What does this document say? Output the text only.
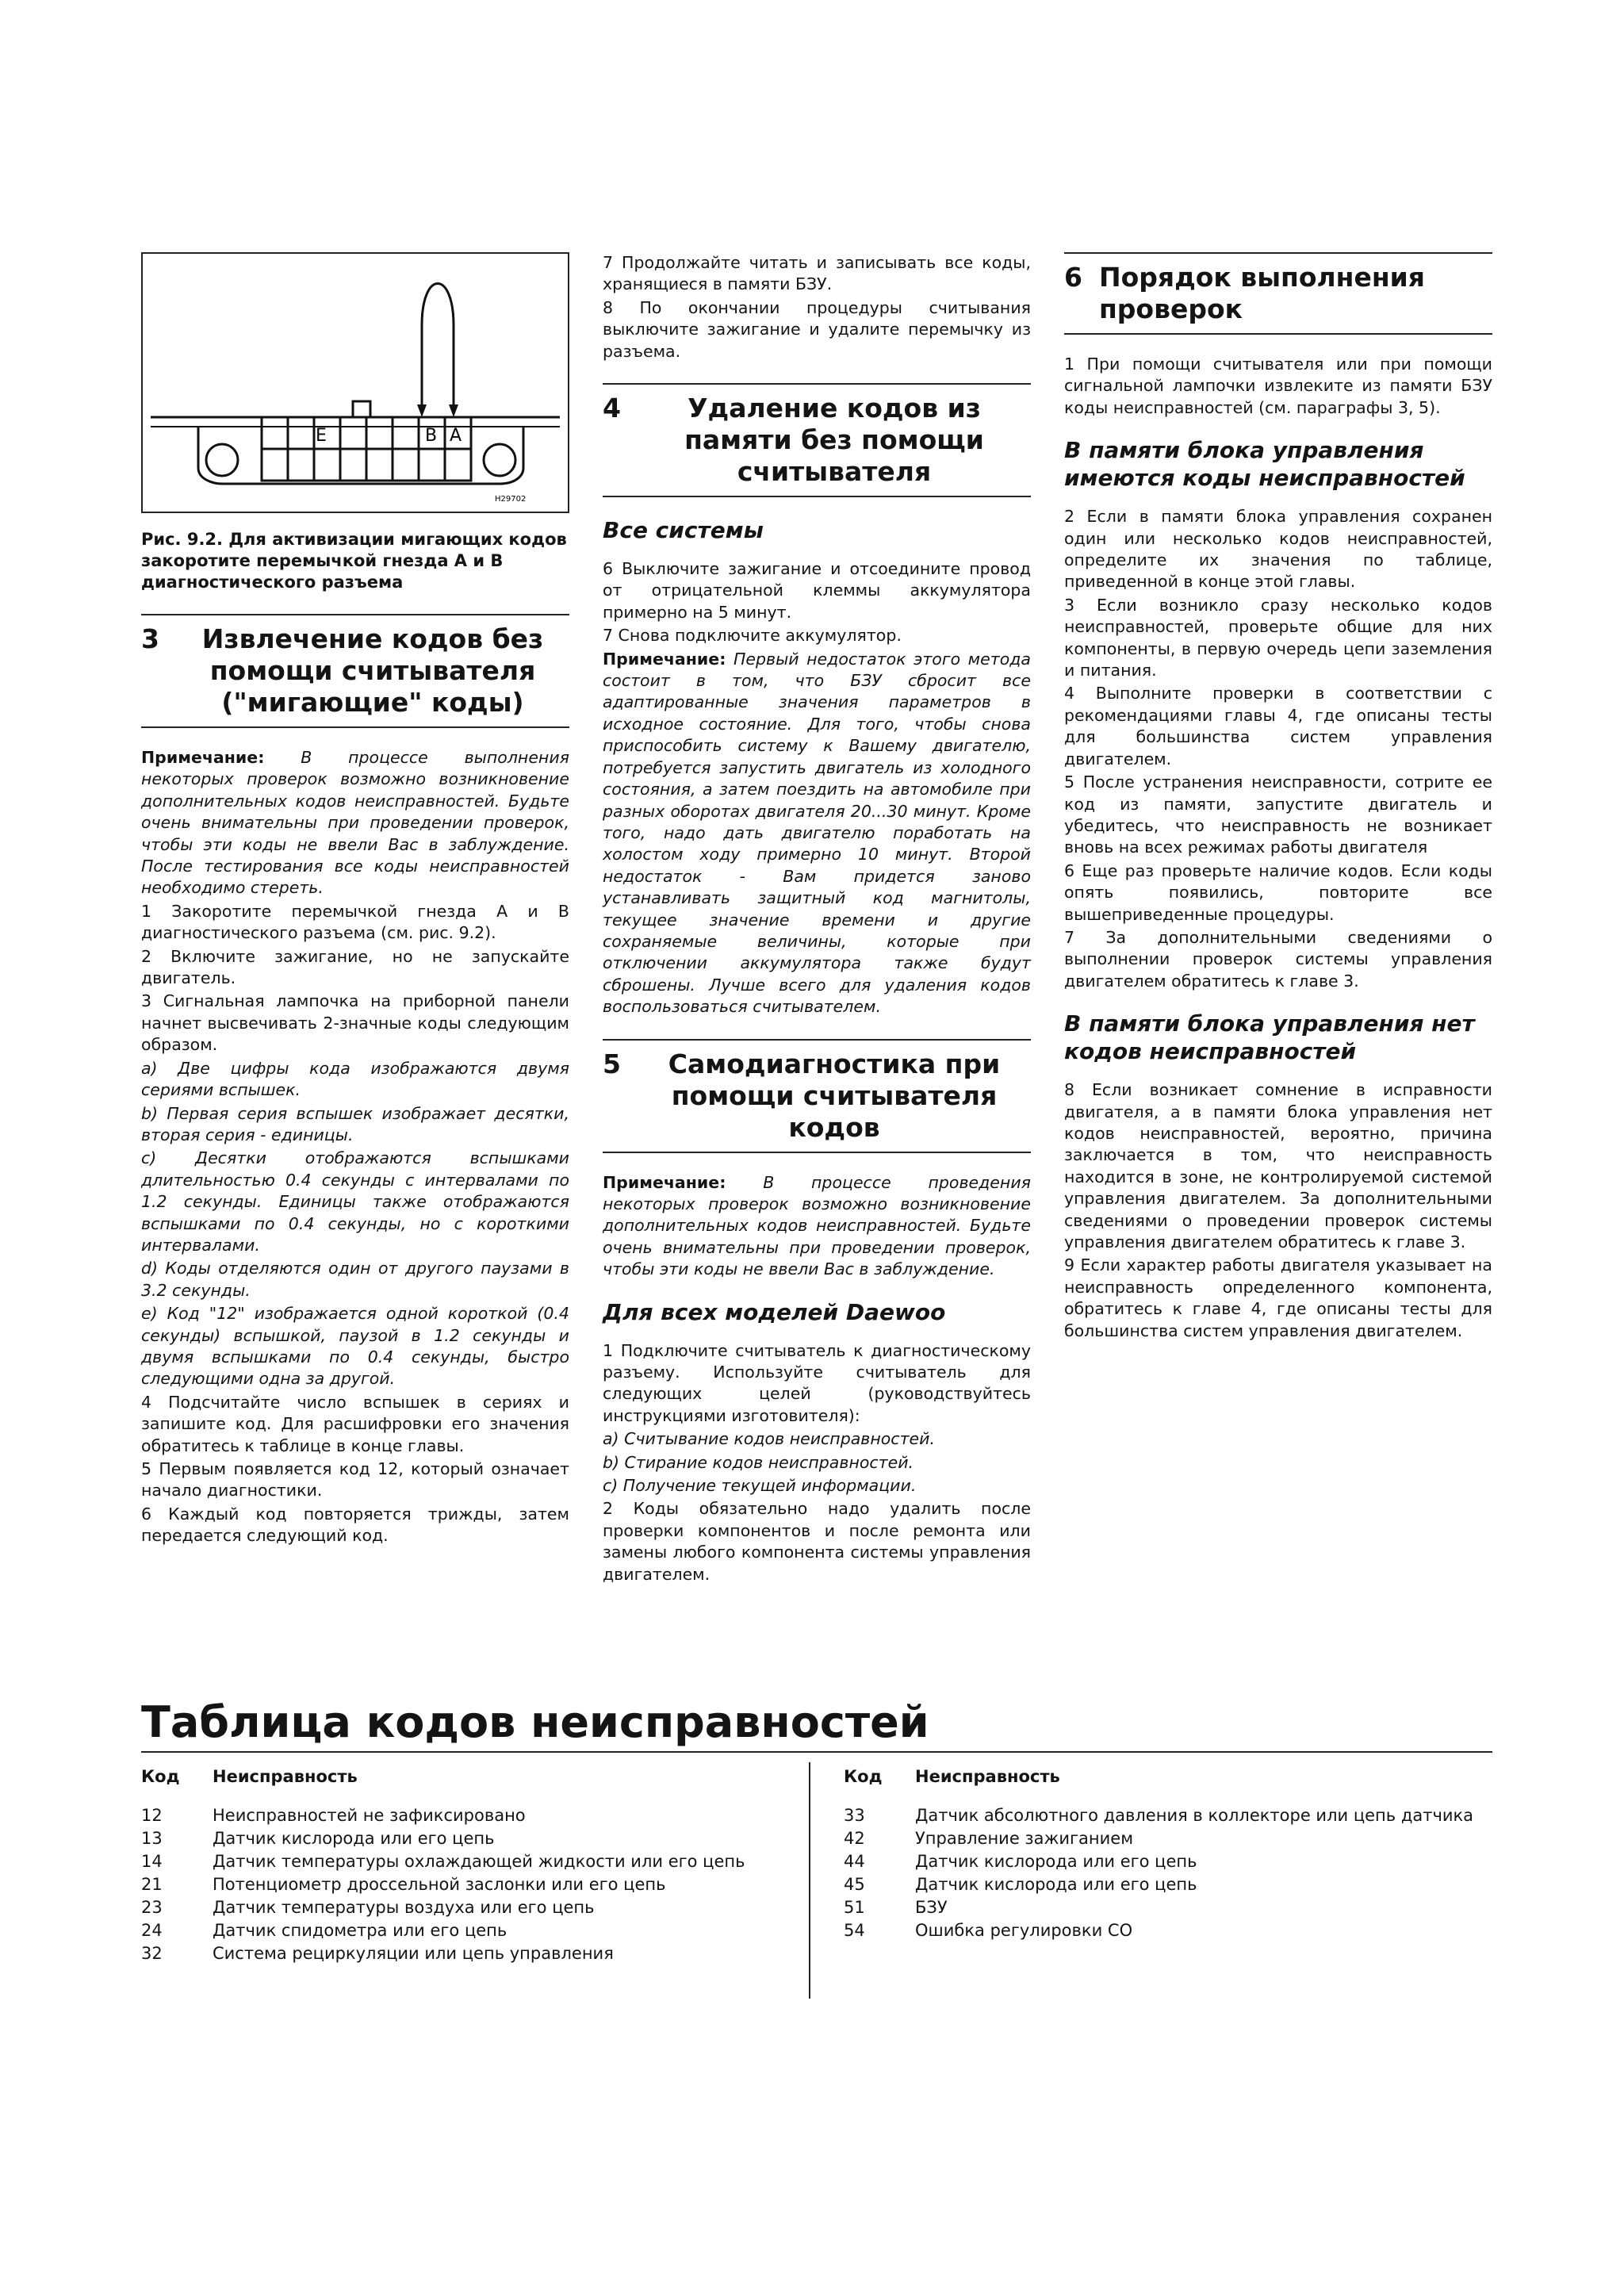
E	B A
H29702
Рис. 9.2. Для активизации мигающих кодов закоротите перемычкой гнезда А и В диагностического разъема
3	Извлечение кодов без помощи считывателя ("мигающие" коды)

Примечание: В процессе выполнения некоторых проверок возможно возникновение дополнительных кодов неисправностей. Будьте очень внимательны при проведении проверок, чтобы эти коды не ввели Вас в заблуждение. После тестирования все коды неисправностей необходимо стереть.

1 Закоротите перемычкой гнезда А и В диагностического разъема (см. рис. 9.2).

2 Включите зажигание, но не запускайте двигатель.

3 Сигнальная лампочка на приборной панели начнет высвечивать 2-значные коды следующим образом.

a) Две цифры кода изображаются двумя сериями вспышек.

b) Первая серия вспышек изображает десятки, вторая серия - единицы.

c) Десятки отображаются вспышками длительностью 0.4 секунды с интервалами по 1.2 секунды. Единицы также отображаются вспышками по 0.4 секунды, но с короткими интервалами.

d) Коды отделяются один от другого паузами в 3.2 секунды.

e) Код "12" изображается одной короткой (0.4 секунды) вспышкой, паузой в 1.2 секунды и двумя вспышками по 0.4 секунды, быстро следующими одна за другой.

4 Подсчитайте число вспышек в сериях и запишите код. Для расшифровки его значения обратитесь к таблице в конце главы.

5 Первым появляется код 12, который означает начало диагностики.

6 Каждый код повторяется трижды, затем передается следующий код.

7 Продолжайте читать и записывать все коды, хранящиеся в памяти БЗУ.

8 По окончании процедуры считывания выключите зажигание и удалите перемычку из разъема.

4	Удаление кодов из памяти без помощи считывателя
Все системы

6 Выключите зажигание и отсоедините провод от отрицательной клеммы аккумулятора примерно на 5 минут.

7 Снова подключите аккумулятор.

Примечание: Первый недостаток этого метода состоит в том, что БЗУ сбросит все адаптированные значения параметров в исходное состояние. Для того, чтобы снова приспособить систему к Вашему двигателю, потребуется запустить двигатель из холодного состояния, а затем поездить на автомобиле при разных оборотах двигателя 20...30 минут. Кроме того, надо дать двигателю поработать на холостом ходу примерно 10 минут. Второй недостаток - Вам придется заново устанавливать защитный код магнитолы, текущее значение времени и другие сохраняемые величины, которые при отключении аккумулятора также будут сброшены. Лучше всего для удаления кодов воспользоваться считывателем.

5	Самодиагностика при помощи считывателя кодов

Примечание: В процессе проведения некоторых проверок возможно возникновение дополнительных кодов неисправностей. Будьте очень внимательны при проведении проверок, чтобы эти коды не ввели Вас в заблуждение.

Для всех моделей Daewoo

1 Подключите считыватель к диагностическому разъему. Используйте считыватель для следующих целей (руководствуйтесь инструкциями изготовителя):

a) Считывание кодов неисправностей.

b) Стирание кодов неисправностей.

c) Получение текущей информации.

2 Коды обязательно надо удалить после проверки компонентов и после ремонта или замены любого компонента системы управления двигателем.

6 Порядок выполнения проверок

1 При помощи считывателя или при помощи сигнальной лампочки извлеките из памяти БЗУ коды неисправностей (см. параграфы 3, 5).

В памяти блока управления имеются коды неисправностей

2 Если в памяти блока управления сохранен один или несколько кодов неисправностей, определите их значения по таблице, приведенной в конце этой главы.

3 Если возникло сразу несколько кодов неисправностей, проверьте общие для них компоненты, в первую очередь цепи заземления и питания.

4 Выполните проверки в соответствии с рекомендациями главы 4, где описаны тесты для большинства систем управления двигателем.

5 После устранения неисправности, сотрите ее код из памяти, запустите двигатель и убедитесь, что неисправность не возникает вновь на всех режимах работы двигателя

6 Еще раз проверьте наличие кодов. Если коды опять появились, повторите все вышеприведенные процедуры.

7 За дополнительными сведениями о выполнении проверок системы управления двигателем обратитесь к главе 3.

В памяти блока управления нет кодов неисправностей

8 Если возникает сомнение в исправности двигателя, а в памяти блока управления нет кодов неисправностей, вероятно, причина заключается в том, что неисправность находится в зоне, не контролируемой системой управления двигателем. За дополнительными сведениями о проведении проверок системы управления двигателем обратитесь к главе 3.

9 Если характер работы двигателя указывает на неисправность определенного компонента, обратитесь к главе 4, где описаны тесты для большинства систем управления двигателем.

Таблица кодов неисправностей
Код	Неисправность
12	Неисправностей не зафиксировано
13	Датчик кислорода или его цепь
14	Датчик температуры охлаждающей жидкости или его цепь
21	Потенциометр дроссельной заслонки или его цепь
23	Датчик температуры воздуха или его цепь
24	Датчик спидометра или его цепь
32	Система рециркуляции или цепь управления
Код	Неисправность
33	Датчик абсолютного давления в коллекторе или цепь датчика
42	Управление зажиганием
44	Датчик кислорода или его цепь
45	Датчик кислорода или его цепь
51	БЗУ
54	Ошибка регулировки СО
